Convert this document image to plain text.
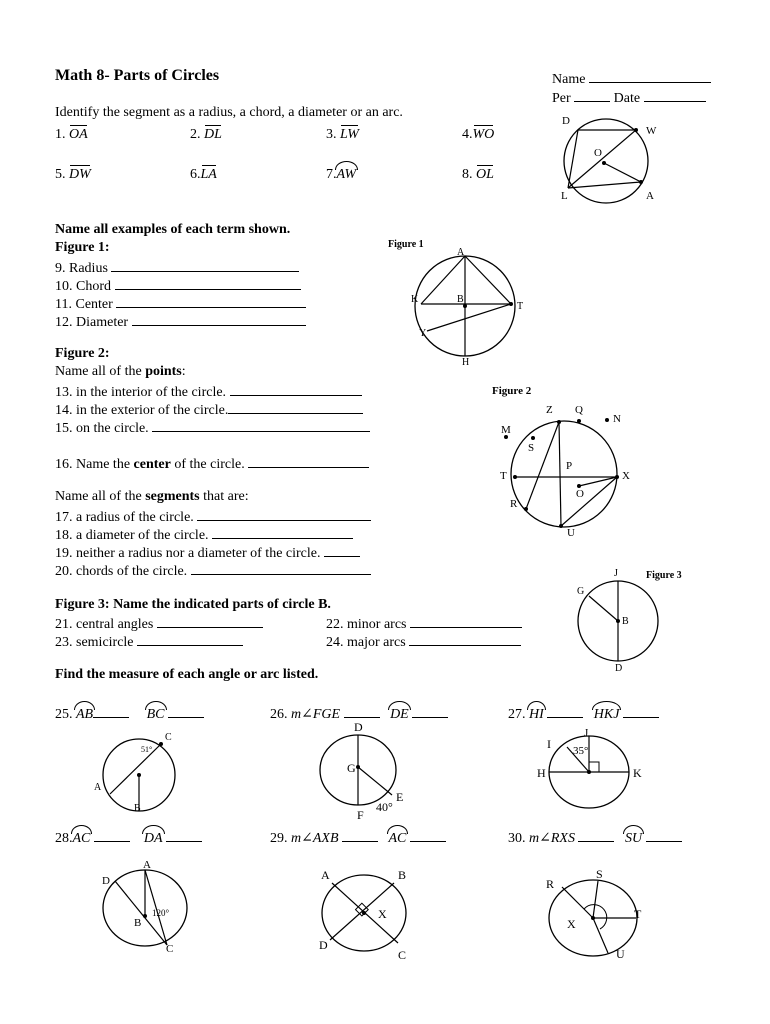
Math 8- Parts of Circles	Name
Per	Date
Identify the segment as a radius, a chord, a diameter or an arc.
1. OA	2. DL	3. LW	4.WO
5. DW	6.LA	7.AW	8. OL
D
W
O
L	A
Name all examples of each term shown.
Figure 1:
9. Radius
10. Chord
11. Center
12. Diameter
Figure 1
A
K	B
T
Y
H
Figure 2:
Name all of the points:
13. in the interior of the circle.
14. in the exterior of the circle.
15. on the circle.
16. Name the center of the circle.
Name all of the segments that are:
17. a radius of the circle.
18. a diameter of the circle.
19. neither a radius nor a diameter of the circle.
20. chords of the circle.
Figure 2
Z Q
N
M
S
T
P
X
O
R
U
Figure 3: Name the indicated parts of circle B.
21. central angles	22. minor arcs
23. semicircle	24. major arcs
Figure 3
J
G
B
D
Find the measure of each angle or arc listed.
25. AB	BC	26. m∠FGE	DE	27. HI	HKJ
C
51°
A
B
D
G
E
40°
F
J
I 35°
H	K
28.AC	DA	29. m∠AXB	AC	30. m∠RXS	SU
A
D
B
120°
C
A	B
X
D
C
S
R
T
X
U
